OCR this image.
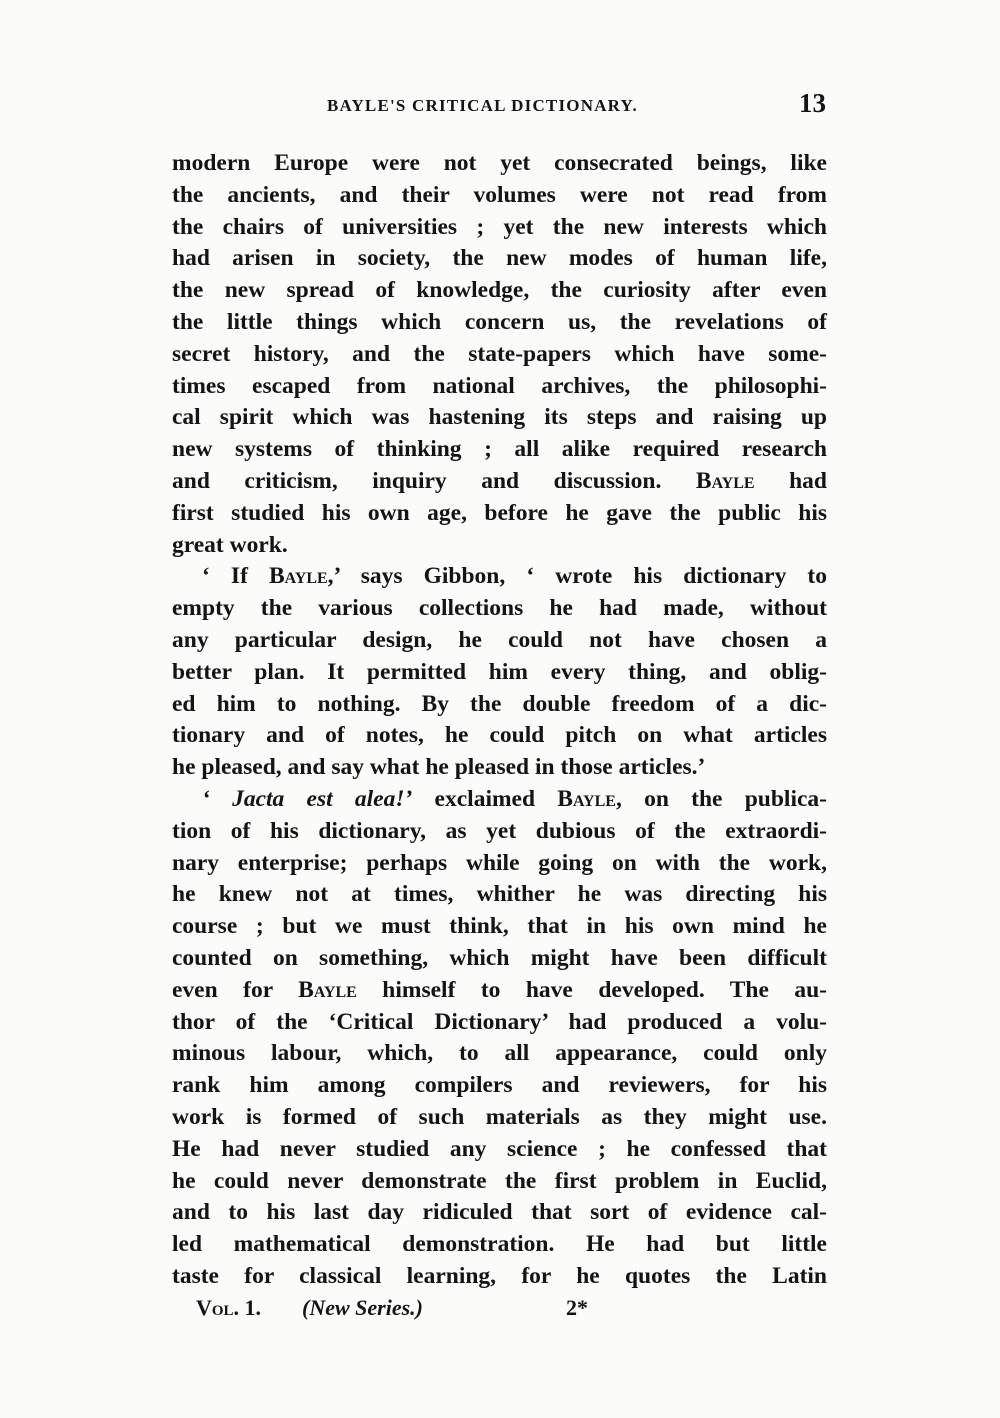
BAYLE'S CRITICAL DICTIONARY.	13
modern Europe were not yet consecrated beings, like
the ancients, and their volumes were not read from
the chairs of universities ; yet the new interests which
had arisen in society, the new modes of human life,
the new spread of knowledge, the curiosity after even
the little things which concern us, the revelations of
secret history, and the state-papers which have some-
times escaped from national archives, the philosophi-
cal spirit which was hastening its steps and raising up
new systems of thinking ; all alike required research
and criticism, inquiry and discussion. Bayle had
first studied his own age, before he gave the public his
great work.
‘ If Bayle,’ says Gibbon, ‘ wrote his dictionary to
empty the various collections he had made, without
any particular design, he could not have chosen a
better plan. It permitted him every thing, and oblig-
ed him to nothing. By the double freedom of a dic-
tionary and of notes, he could pitch on what articles
he pleased, and say what he pleased in those articles.’
‘ Jacta est alea!’ exclaimed Bayle, on the publica-
tion of his dictionary, as yet dubious of the extraordi-
nary enterprise; perhaps while going on with the work,
he knew not at times, whither he was directing his
course ; but we must think, that in his own mind he
counted on something, which might have been difficult
even for Bayle himself to have developed. The au-
thor of the ‘Critical Dictionary’ had produced a volu-
minous labour, which, to all appearance, could only
rank him among compilers and reviewers, for his
work is formed of such materials as they might use.
He had never studied any science ; he confessed that
he could never demonstrate the first problem in Euclid,
and to his last day ridiculed that sort of evidence cal-
led mathematical demonstration. He had but little
taste for classical learning, for he quotes the Latin
Vol. 1. (New Series.)	2*
